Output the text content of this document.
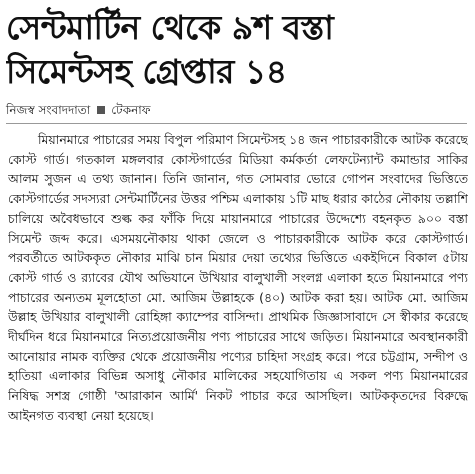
সেন্টমার্টিন থেকে ৯শ বস্তা
সিমেন্টসহ গ্রেপ্তার ১৪
নিজস্ব সংবাদদাতা টেকনাফ

মিয়ানমারে পাচারের সময় বিপুল পরিমাণ সিমেন্টসহ ১৪ জন পাচারকারীকে আটক করেছে কোস্ট গার্ড। গতকাল মঙ্গলবার কোস্টগার্ডের মিডিয়া কর্মকর্তা লেফটেন্যান্ট কমান্ডার সাকির আলম সুজন এ তথ্য জানান। তিনি জানান, গত সোমবার ভোরে গোপন সংবাদের ভিত্তিতে কোস্টগার্ডের সদস্যরা সেন্টমার্টিনের উত্তর পশ্চিম এলাকায় ১টি মাছ ধরার কাঠের নৌকায় তল্লাশি চালিয়ে অবৈধভাবে শুল্ক কর ফাঁকি দিয়ে মায়ানমারে পাচারের উদ্দেশ্যে বহনকৃত ৯০০ বস্তা সিমেন্ট জব্দ করে। এসময়নৌকায় থাকা জেলে ও পাচারকারীকে আটক করে কোস্টগার্ড। পরবর্তীতে আটককৃত নৌকার মাঝি চান মিয়ার দেয়া তথ্যের ভিত্তিতে একইদিনে বিকাল ৫টায় কোস্ট গার্ড ও র‌্যাবের যৌথ অভিযানে উখিয়ার বালুখালী সংলগ্ন এলাকা হতে মিয়ানমারে পণ্য পাচারের অন্যতম মূলহোতা মো. আজিম উল্লাহকে (৪০) আটক করা হয়। আটক মো. আজিম উল্লাহ উখিয়ার বালুখালী রোহিঙ্গা ক্যাম্পের বাসিন্দা। প্রাথমিক জিজ্ঞাসাবাদে সে স্বীকার করেছে দীর্ঘদিন ধরে মিয়ানমারে নিত্যপ্রয়োজনীয় পণ্য পাচারের সাথে জড়িত। মিয়ানমারে অবস্থানকারী আনোয়ার নামক ব্যক্তির থেকে প্রয়োজনীয় পণ্যের চাহিদা সংগ্রহ করে। পরে চট্টগ্রাম, সন্দীপ ও হাতিয়া এলাকার বিভিন্ন অসাধু নৌকার মালিকের সহযোগিতায় এ সকল পণ্য মিয়ানমারের নিষিদ্ধ সশস্ত্র গোষ্ঠী 'আরাকান আর্মি' নিকট পাচার করে আসছিল। আটককৃতদের বিরুদ্ধে আইনগত ব্যবস্থা নেয়া হয়েছে।
